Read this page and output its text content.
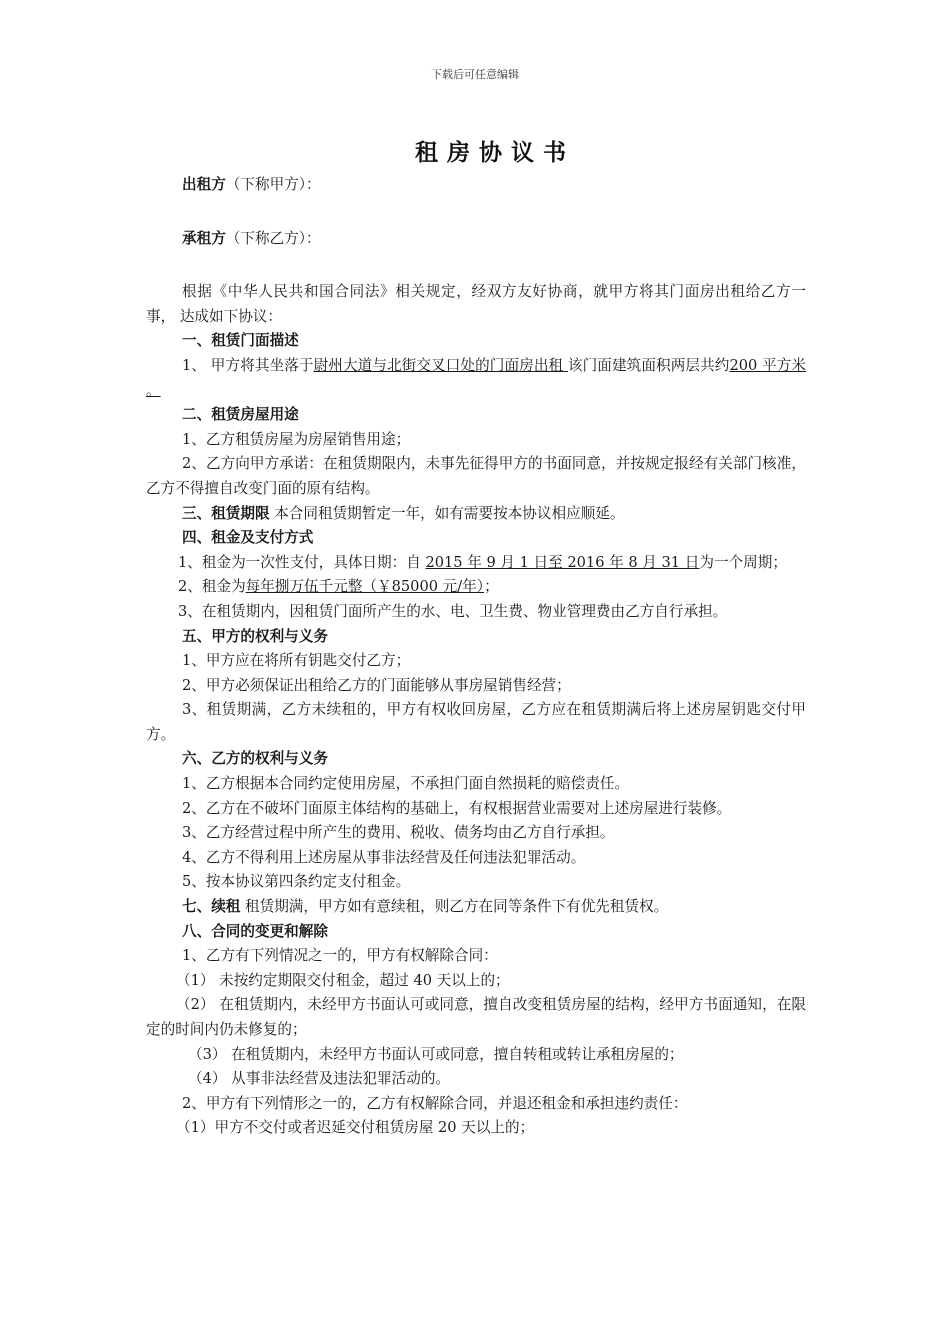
下载后可任意编辑
租房协议书
出租方（下称甲方）：
承租方（下称乙方）：
根据《中华人民共和国合同法》相关规定，经双方友好协商，就甲方将其门面房出租给乙方一事， 达成如下协议：
一、租赁门面描述
1、 甲方将其坐落于尉州大道与北街交叉口处的门面房出租 该门面建筑面积两层共约200 平方米 。
二、租赁房屋用途
1、乙方租赁房屋为房屋销售用途；
2、乙方向甲方承诺：在租赁期限内，未事先征得甲方的书面同意，并按规定报经有关部门核准，乙方不得擅自改变门面的原有结构。
三、租赁期限 本合同租赁期暂定一年，如有需要按本协议相应顺延。
四、租金及支付方式
1、租金为一次性支付，具体日期：自 2015 年 9 月 1 日至 2016 年 8 月 31 日为一个周期；
2、租金为每年捌万伍千元整（￥85000 元/年）；
3、在租赁期内，因租赁门面所产生的水、电、卫生费、物业管理费由乙方自行承担。
五、甲方的权利与义务
1、甲方应在将所有钥匙交付乙方；
2、甲方必须保证出租给乙方的门面能够从事房屋销售经营；
3、租赁期满，乙方未续租的，甲方有权收回房屋，乙方应在租赁期满后将上述房屋钥匙交付甲方。
六、乙方的权利与义务
1、乙方根据本合同约定使用房屋，不承担门面自然损耗的赔偿责任。
2、乙方在不破坏门面原主体结构的基础上，有权根据营业需要对上述房屋进行装修。
3、乙方经营过程中所产生的费用、税收、债务均由乙方自行承担。
4、乙方不得利用上述房屋从事非法经营及任何违法犯罪活动。
5、按本协议第四条约定支付租金。
七、续租 租赁期满，甲方如有意续租，则乙方在同等条件下有优先租赁权。
八、合同的变更和解除
1、乙方有下列情况之一的，甲方有权解除合同：
（1） 未按约定期限交付租金，超过 40 天以上的；
（2） 在租赁期内，未经甲方书面认可或同意，擅自改变租赁房屋的结构，经甲方书面通知，在限定的时间内仍未修复的；
（3） 在租赁期内，未经甲方书面认可或同意，擅自转租或转让承租房屋的；
（4） 从事非法经营及违法犯罪活动的。
2、甲方有下列情形之一的，乙方有权解除合同，并退还租金和承担违约责任：
（1）甲方不交付或者迟延交付租赁房屋 20 天以上的；
